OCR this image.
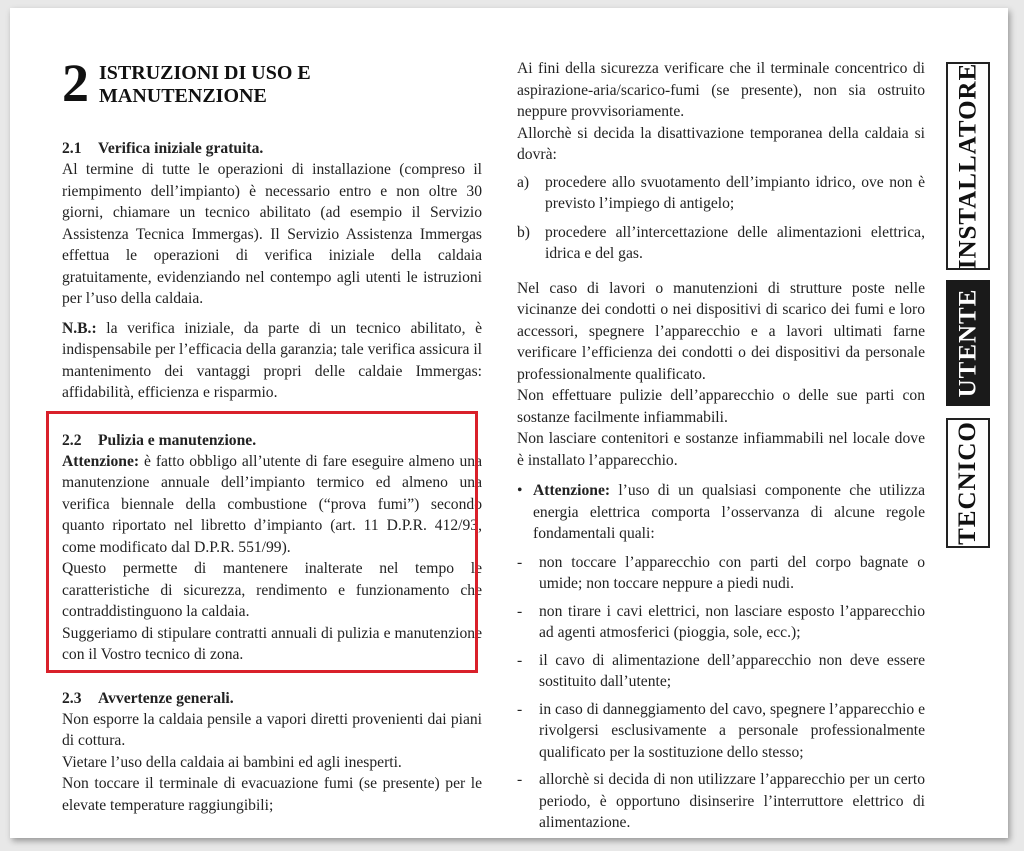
2 ISTRUZIONI DI USO E
MANUTENZIONE
2.1 Verifica iniziale gratuita.

Al termine di tutte le operazioni di installazione (compreso il riempimento dell’impianto) è necessario entro e non oltre 30 giorni, chiamare un tecnico abilitato (ad esempio il Servizio Assistenza Tecnica Immergas). Il Servizio Assistenza Immergas effettua le operazioni di verifica iniziale della caldaia gratuitamente, evidenziando nel contempo agli utenti le istruzioni per l’uso della caldaia.

N.B.: la verifica iniziale, da parte di un tecnico abilitato, è indispensabile per l’efficacia della garanzia; tale verifica assicura il mantenimento dei vantaggi propri delle caldaie Immergas: affidabilità, efficienza e risparmio.

2.2 Pulizia e manutenzione.

Attenzione: è fatto obbligo all’utente di fare eseguire almeno una manutenzione annuale dell’impianto termico ed almeno una verifica biennale della combustione (“prova fumi”) secondo quanto riportato nel libretto d’impianto (art. 11 D.P.R. 412/93, come modificato dal D.P.R. 551/99).

Questo permette di mantenere inalterate nel tempo le caratteristiche di sicurezza, rendimento e funzionamento che contraddistinguono la caldaia.

Suggeriamo di stipulare contratti annuali di pulizia e manutenzione con il Vostro tecnico di zona.

2.3 Avvertenze generali.

Non esporre la caldaia pensile a vapori diretti provenienti dai piani di cottura.

Vietare l’uso della caldaia ai bambini ed agli inesperti.

Non toccare il terminale di evacuazione fumi (se presente) per le elevate temperature raggiungibili;

Ai fini della sicurezza verificare che il terminale concentrico di aspirazione-aria/scarico-fumi (se presente), non sia ostruito neppure provvisoriamente.

Allorchè si decida la disattivazione temporanea della caldaia si dovrà:

a)	procedere allo svuotamento dell’impianto idrico, ove non è previsto l’impiego di antigelo;
b) procedere all’intercettazione delle alimentazioni elettrica, idrica e del gas.

Nel caso di lavori o manutenzioni di strutture poste nelle vicinanze dei condotti o nei dispositivi di scarico dei fumi e loro accessori, spegnere l’apparecchio e a lavori ultimati farne verificare l’efficienza dei condotti o dei dispositivi da personale professionalmente qualificato.

Non effettuare pulizie dell’apparecchio o delle sue parti con sostanze facilmente infiammabili.

Non lasciare contenitori e sostanze infiammabili nel locale dove è installato l’apparecchio.

• Attenzione: l’uso di un qualsiasi componente che utilizza energia elettrica comporta l’osservanza di alcune regole fondamentali quali:
-	non toccare l’apparecchio con parti del corpo bagnate o umide; non toccare neppure a piedi nudi.
-	non tirare i cavi elettrici, non lasciare esposto l’apparecchio ad agenti atmosferici (pioggia, sole, ecc.);
-	il cavo di alimentazione dell’apparecchio non deve essere sostituito dall’utente;
-	in caso di danneggiamento del cavo, spegnere l’apparecchio e rivolgersi esclusivamente a personale professionalmente qualificato per la sostituzione dello stesso;
-	allorchè si decida di non utilizzare l’apparecchio per un certo periodo, è opportuno disinserire l’interruttore elettrico di alimentazione.
INSTALLATORE
UTENTE
TECNICO
